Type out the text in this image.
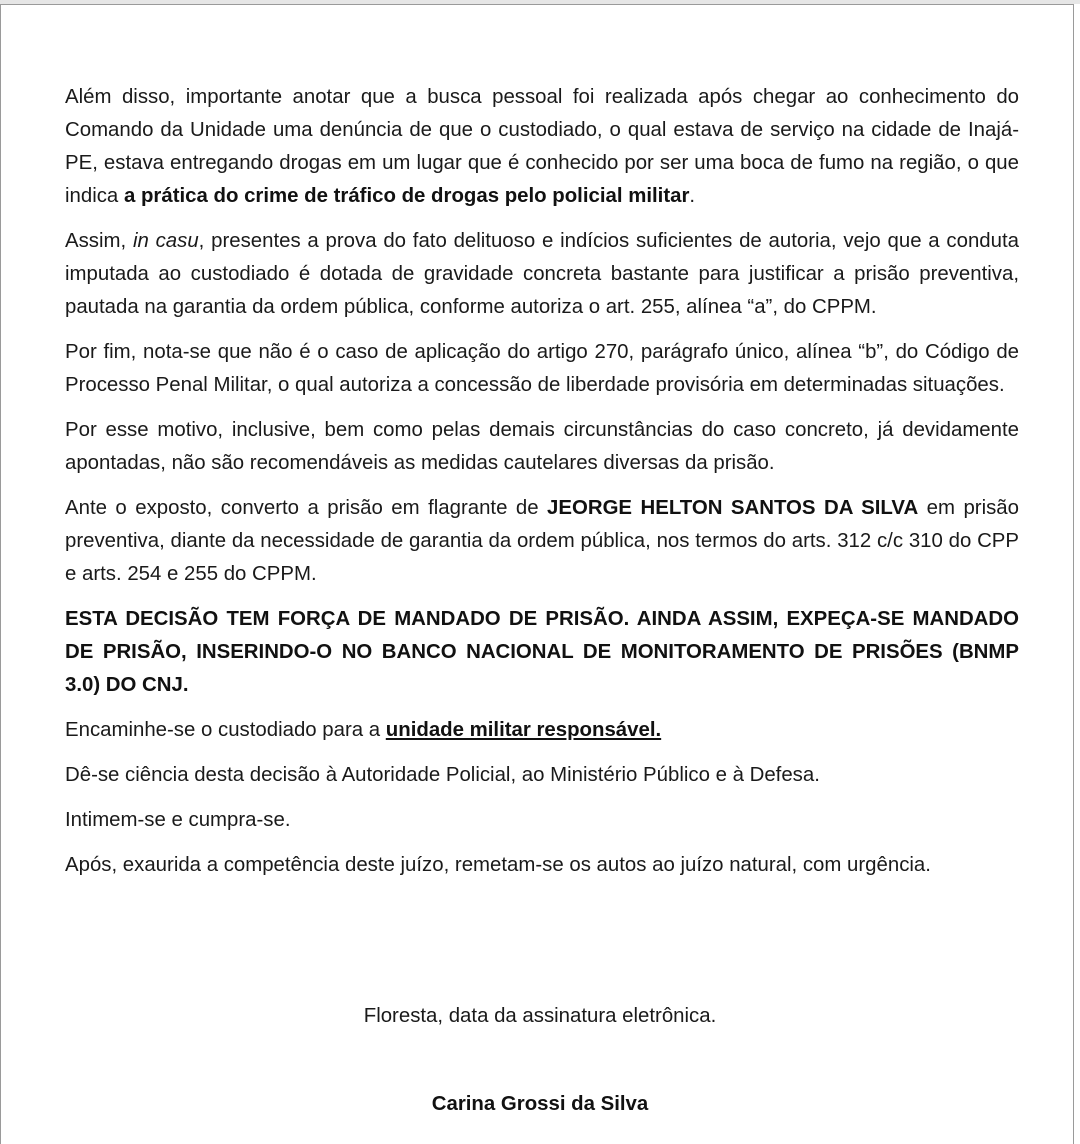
Além disso, importante anotar que a busca pessoal foi realizada após chegar ao conhecimento do Comando da Unidade uma denúncia de que o custodiado, o qual estava de serviço na cidade de Inajá-PE, estava entregando drogas em um lugar que é conhecido por ser uma boca de fumo na região, o que indica a prática do crime de tráfico de drogas pelo policial militar.

Assim, in casu, presentes a prova do fato delituoso e indícios suficientes de autoria, vejo que a conduta imputada ao custodiado é dotada de gravidade concreta bastante para justificar a prisão preventiva, pautada na garantia da ordem pública, conforme autoriza o art. 255, alínea “a”, do CPPM.

Por fim, nota-se que não é o caso de aplicação do artigo 270, parágrafo único, alínea “b”, do Código de Processo Penal Militar, o qual autoriza a concessão de liberdade provisória em determinadas situações.

Por esse motivo, inclusive, bem como pelas demais circunstâncias do caso concreto, já devidamente apontadas, não são recomendáveis as medidas cautelares diversas da prisão.

Ante o exposto, converto a prisão em flagrante de JEORGE HELTON SANTOS DA SILVA em prisão preventiva, diante da necessidade de garantia da ordem pública, nos termos do arts. 312 c/c 310 do CPP e arts. 254 e 255 do CPPM.

ESTA DECISÃO TEM FORÇA DE MANDADO DE PRISÃO. AINDA ASSIM, EXPEÇA-SE MANDADO DE PRISÃO, INSERINDO-O NO BANCO NACIONAL DE MONITORAMENTO DE PRISÕES (BNMP 3.0) DO CNJ.

Encaminhe-se o custodiado para a unidade militar responsável.

Dê-se ciência desta decisão à Autoridade Policial, ao Ministério Público e à Defesa.

Intimem-se e cumpra-se.

Após, exaurida a competência deste juízo, remetam-se os autos ao juízo natural, com urgência.

Floresta, data da assinatura eletrônica.
Carina Grossi da Silva
